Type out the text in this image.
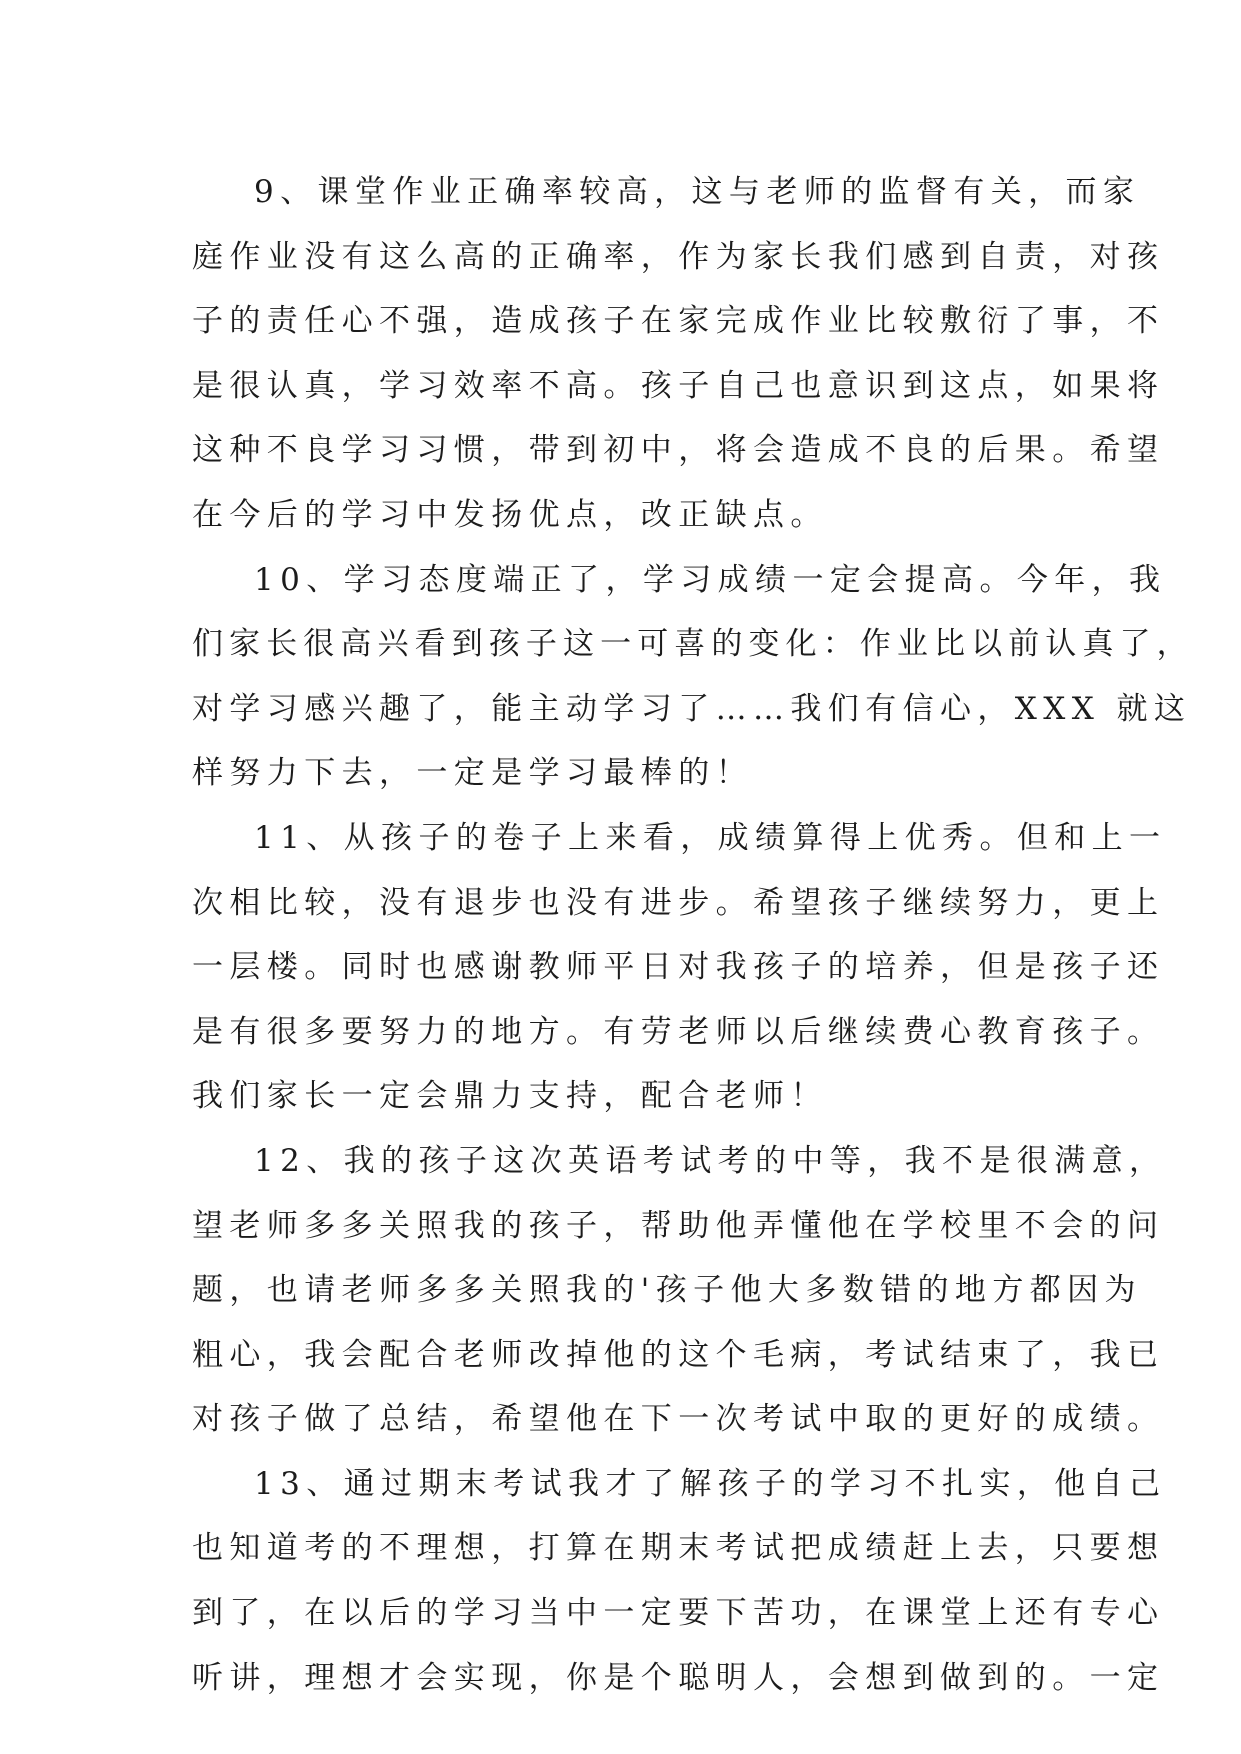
9、课堂作业正确率较高，这与老师的监督有关，而家
庭作业没有这么高的正确率，作为家长我们感到自责，对孩
子的责任心不强，造成孩子在家完成作业比较敷衍了事，不
是很认真，学习效率不高。孩子自己也意识到这点，如果将
这种不良学习习惯，带到初中，将会造成不良的后果。希望
在今后的学习中发扬优点，改正缺点。
10、学习态度端正了，学习成绩一定会提高。今年，我
们家长很高兴看到孩子这一可喜的变化：作业比以前认真了，
对学习感兴趣了，能主动学习了……我们有信心，XXX 就这
样努力下去，一定是学习最棒的！
11、从孩子的卷子上来看，成绩算得上优秀。但和上一
次相比较，没有退步也没有进步。希望孩子继续努力，更上
一层楼。同时也感谢教师平日对我孩子的培养，但是孩子还
是有很多要努力的地方。有劳老师以后继续费心教育孩子。
我们家长一定会鼎力支持，配合老师！
12、我的孩子这次英语考试考的中等，我不是很满意，
望老师多多关照我的孩子，帮助他弄懂他在学校里不会的问
题，也请老师多多关照我的'孩子他大多数错的地方都因为
粗心，我会配合老师改掉他的这个毛病，考试结束了，我已
对孩子做了总结，希望他在下一次考试中取的更好的成绩。
13、通过期末考试我才了解孩子的学习不扎实，他自己
也知道考的不理想，打算在期末考试把成绩赶上去，只要想
到了，在以后的学习当中一定要下苦功，在课堂上还有专心
听讲，理想才会实现，你是个聪明人，会想到做到的。一定
